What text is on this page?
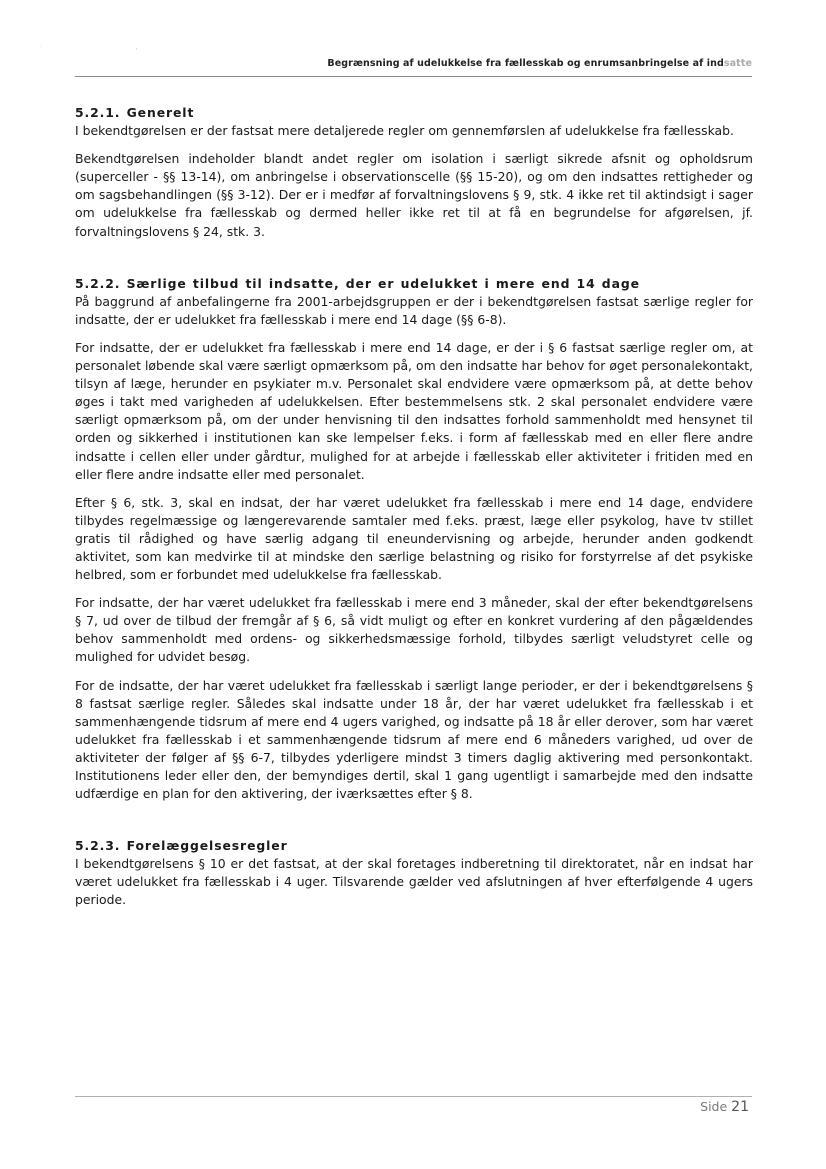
·                                                 ,
Begrænsning af udelukkelse fra fællesskab og enrumsanbringelse af indsatte
5.2.1. Generelt

I bekendtgørelsen er der fastsat mere detaljerede regler om gennemførslen af udelukkelse fra fællesskab.

Bekendtgørelsen indeholder blandt andet regler om isolation i særligt sikrede afsnit og opholdsrum (superceller - §§ 13-14), om anbringelse i observationscelle (§§ 15-20), og om den indsattes rettigheder og om sagsbehandlingen (§§ 3-12). Der er i medfør af forvaltningslovens § 9, stk. 4 ikke ret til aktindsigt i sager om udelukkelse fra fællesskab og dermed heller ikke ret til at få en begrundelse for afgørelsen, jf. forvaltningslovens § 24, stk. 3.

5.2.2. Særlige tilbud til indsatte, der er udelukket i mere end 14 dage

På baggrund af anbefalingerne fra 2001-arbejdsgruppen er der i bekendtgørelsen fastsat særlige regler for indsatte, der er udelukket fra fællesskab i mere end 14 dage (§§ 6-8).

For indsatte, der er udelukket fra fællesskab i mere end 14 dage, er der i § 6 fastsat særlige regler om, at personalet løbende skal være særligt opmærksom på, om den indsatte har behov for øget personalekontakt, tilsyn af læge, herunder en psykiater m.v. Personalet skal endvidere være opmærksom på, at dette behov øges i takt med varigheden af udelukkelsen. Efter bestemmelsens stk. 2 skal personalet endvidere være særligt opmærksom på, om der under henvisning til den indsattes forhold sammenholdt med hensynet til orden og sikkerhed i institutionen kan ske lempelser f.eks. i form af fællesskab med en eller flere andre indsatte i cellen eller under gårdtur, mulighed for at arbejde i fællesskab eller aktiviteter i fritiden med en eller flere andre indsatte eller med personalet.

Efter § 6, stk. 3, skal en indsat, der har været udelukket fra fællesskab i mere end 14 dage, endvidere tilbydes regelmæssige og længerevarende samtaler med f.eks. præst, læge eller psykolog, have tv stillet gratis til rådighed og have særlig adgang til eneundervisning og arbejde, herunder anden godkendt aktivitet, som kan medvirke til at mindske den særlige belastning og risiko for forstyrrelse af det psykiske helbred, som er forbundet med udelukkelse fra fællesskab.

For indsatte, der har været udelukket fra fællesskab i mere end 3 måneder, skal der efter bekendtgørelsens § 7, ud over de tilbud der fremgår af § 6, så vidt muligt og efter en konkret vurdering af den pågældendes behov sammenholdt med ordens- og sikkerhedsmæssige forhold, tilbydes særligt veludstyret celle og mulighed for udvidet besøg.

For de indsatte, der har været udelukket fra fællesskab i særligt lange perioder, er der i bekendtgørelsens § 8 fastsat særlige regler. Således skal indsatte under 18 år, der har været udelukket fra fællesskab i et sammenhængende tidsrum af mere end 4 ugers varighed, og indsatte på 18 år eller derover, som har været udelukket fra fællesskab i et sammenhængende tidsrum af mere end 6 måneders varighed, ud over de aktiviteter der følger af §§ 6-7, tilbydes yderligere mindst 3 timers daglig aktivering med personkontakt. Institutionens leder eller den, der bemyndiges dertil, skal 1 gang ugentligt i samarbejde med den indsatte udfærdige en plan for den aktivering, der iværksættes efter § 8.

5.2.3. Forelæggelsesregler

I bekendtgørelsens § 10 er det fastsat, at der skal foretages indberetning til direktoratet, når en indsat har været udelukket fra fællesskab i 4 uger. Tilsvarende gælder ved afslutningen af hver efterfølgende 4 ugers periode.

Side 21
